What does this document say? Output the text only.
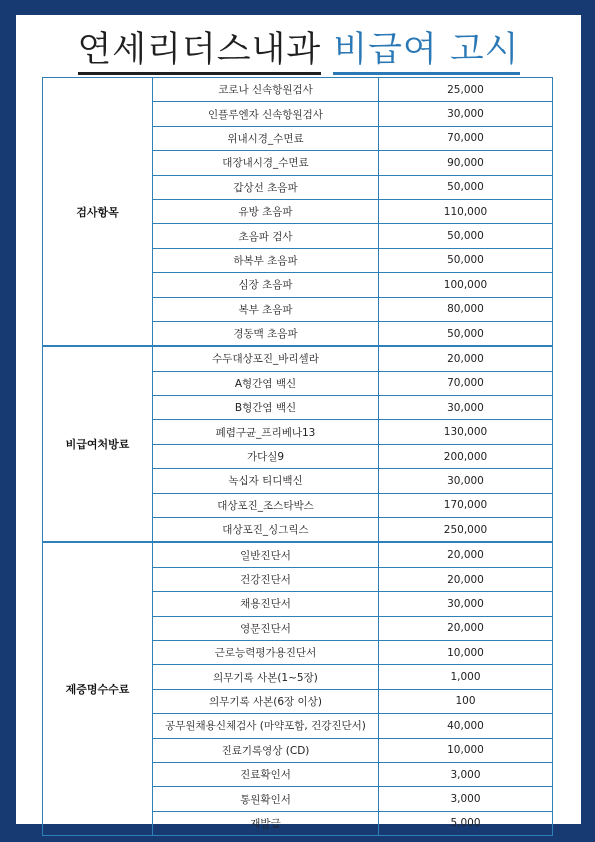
연세리더스내과 비급여 고시
검사항목	코로나 신속항원검사	25,000
	인플루엔자 신속항원검사	30,000
	위내시경_수면료	70,000
	대장내시경_수면료	90,000
	갑상선 초음파	50,000
	유방 초음파	110,000
	초음파 검사	50,000
	하복부 초음파	50,000
	심장 초음파	100,000
	복부 초음파	80,000
	경동맥 초음파	50,000
비급여처방료	수두대상포진_바리셀라	20,000
	A형간염 백신	70,000
	B형간염 백신	30,000
	폐렴구균_프리베나13	130,000
	가다실9	200,000
	녹십자 티디백신	30,000
	대상포진_조스타박스	170,000
	대상포진_싱그릭스	250,000
제증명수수료	일반진단서	20,000
	건강진단서	20,000
	채용진단서	30,000
	영문진단서	20,000
	근로능력평가용진단서	10,000
	의무기록 사본(1~5장)	1,000
	의무기록 사본(6장 이상)	100
	공무원채용신체검사 (마약포함, 건강진단서)	40,000
	진료기록영상 (CD)	10,000
	진료확인서	3,000
	통원확인서	3,000
	재발급	5,000
